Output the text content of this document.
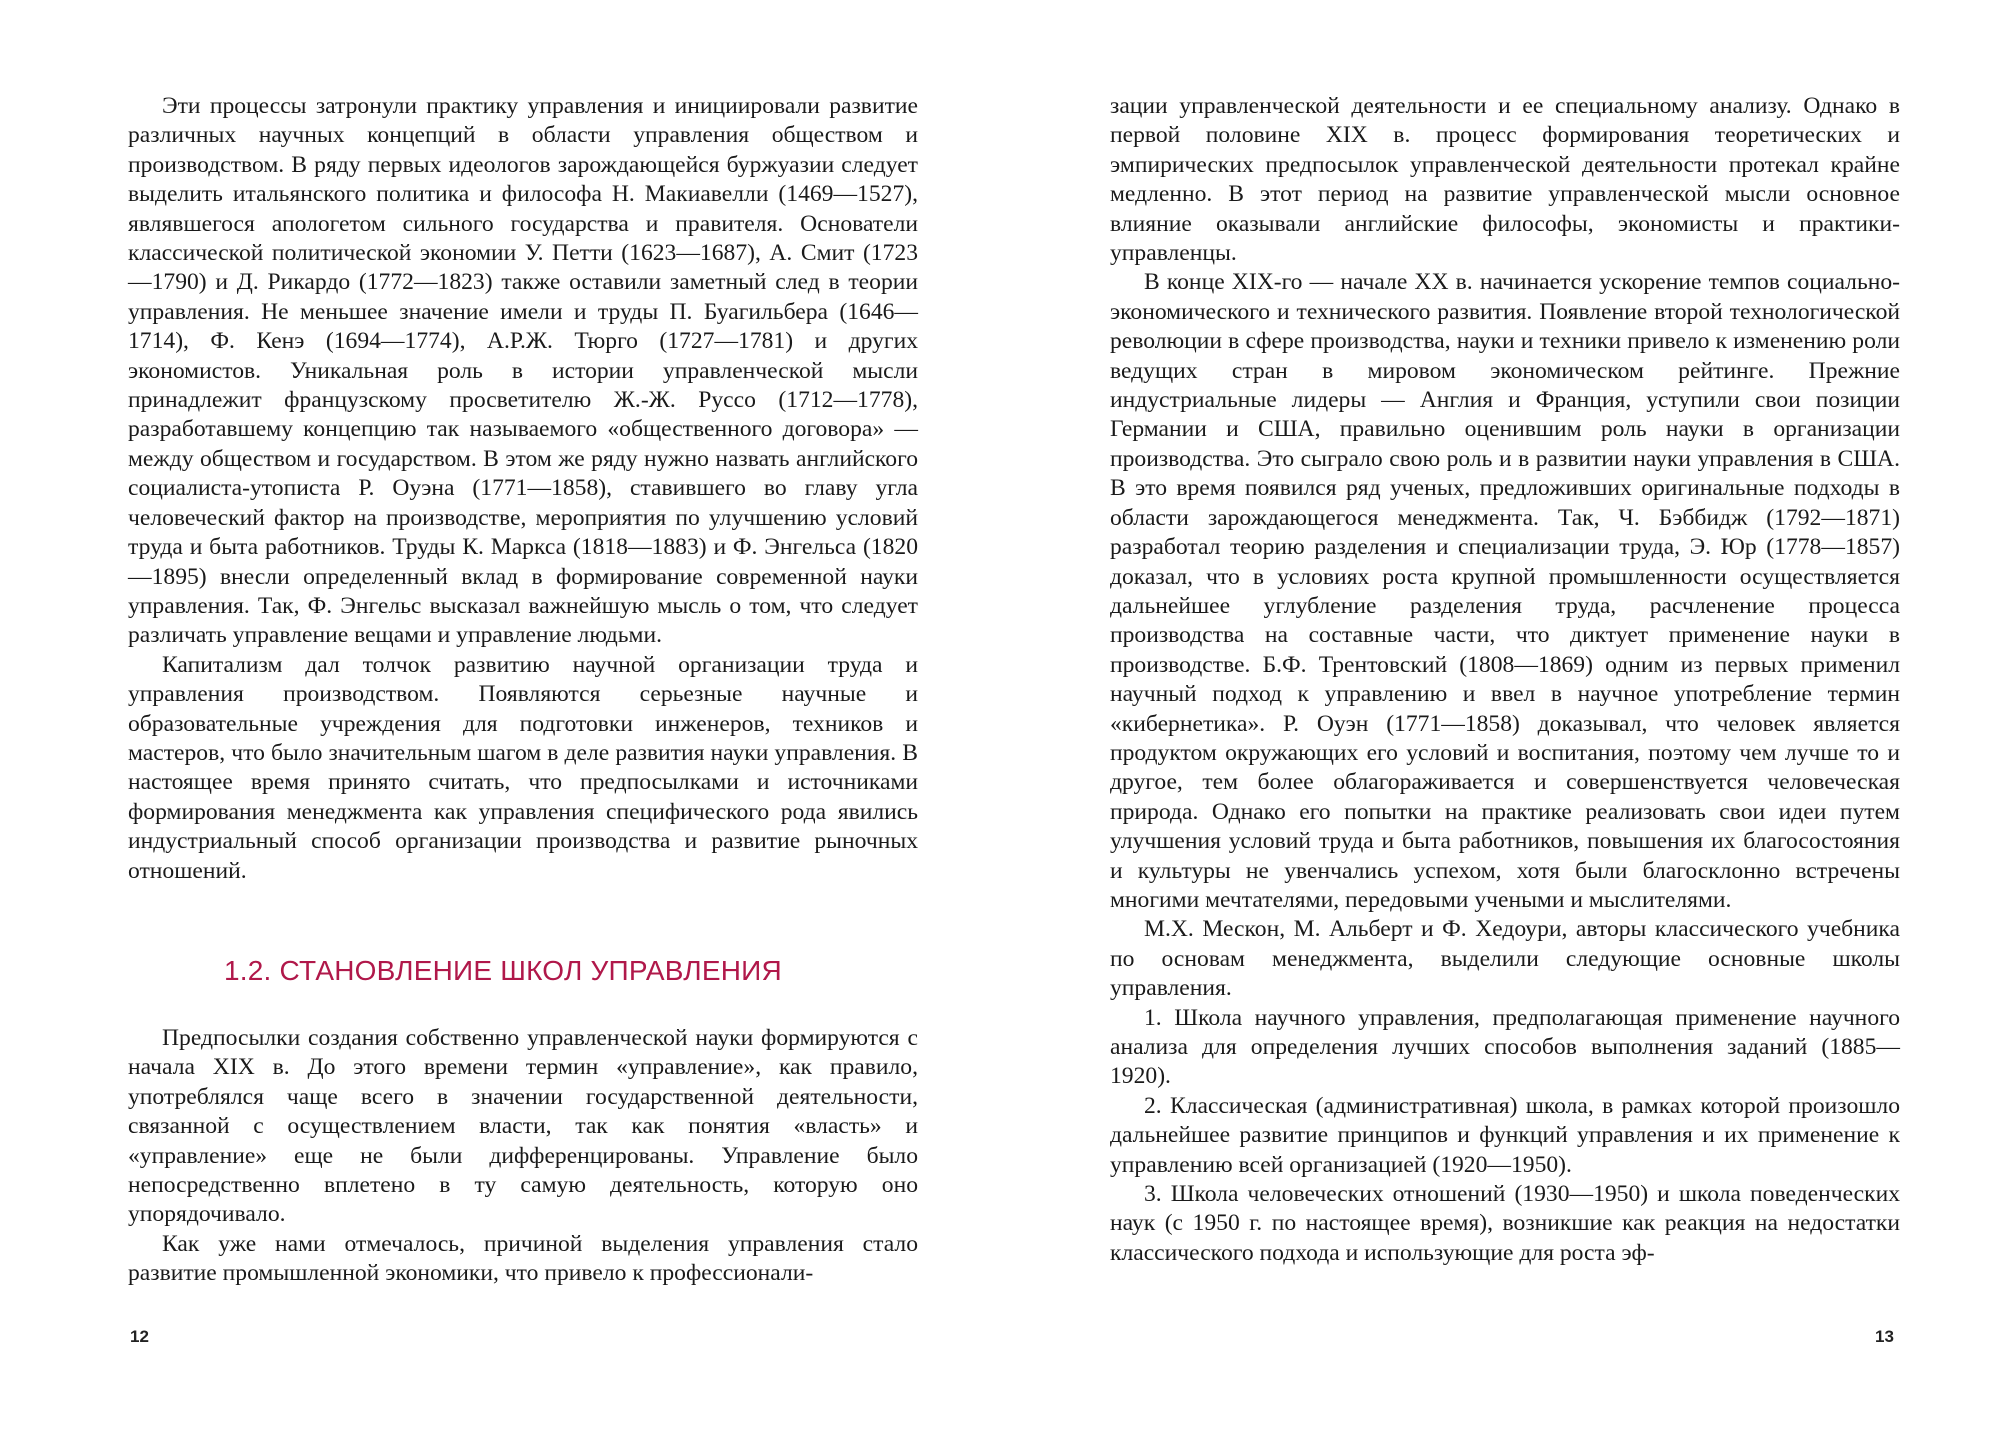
Эти процессы затронули практику управления и инициировали развитие различных научных концепций в области управления обществом и производством. В ряду первых идеологов зарождающейся буржуазии следует выделить итальянского политика и философа Н. Макиавелли (1469—1527), являвшегося апологетом сильного государства и правителя. Основатели классической политической экономии У. Петти (1623—1687), А. Смит (1723—1790) и Д. Рикардо (1772—1823) также оставили заметный след в теории управления. Не меньшее значение имели и труды П. Буагильбера (1646—1714), Ф. Кенэ (1694—1774), А.Р.Ж. Тюрго (1727—1781) и других экономистов. Уникальная роль в истории управленческой мысли принадлежит французскому просветителю Ж.-Ж. Руссо (1712—1778), разработавшему концепцию так называемого «общественного договора» — между обществом и государством. В этом же ряду нужно назвать английского социалиста-утописта Р. Оуэна (1771—1858), ставившего во главу угла человеческий фактор на производстве, мероприятия по улучшению условий труда и быта работников. Труды К. Маркса (1818—1883) и Ф. Энгельса (1820—1895) внесли определенный вклад в формирование современной науки управления. Так, Ф. Энгельс высказал важнейшую мысль о том, что следует различать управление вещами и управление людьми.

Капитализм дал толчок развитию научной организации труда и управления производством. Появляются серьезные научные и образовательные учреждения для подготовки инженеров, техников и мастеров, что было значительным шагом в деле развития науки управления. В настоящее время принято считать, что предпосылками и источниками формирования менеджмента как управления специфического рода явились индустриальный способ организации производства и развитие рыночных отношений.

1.2. СТАНОВЛЕНИЕ ШКОЛ УПРАВЛЕНИЯ

Предпосылки создания собственно управленческой науки формируются с начала XIX в. До этого времени термин «управление», как правило, употреблялся чаще всего в значении государственной деятельности, связанной с осуществлением власти, так как понятия «власть» и «управление» еще не были дифференцированы. Управление было непосредственно вплетено в ту самую деятельность, которую оно упорядочивало.

Как уже нами отмечалось, причиной выделения управления стало развитие промышленной экономики, что привело к профессионали-

зации управленческой деятельности и ее специальному анализу. Однако в первой половине XIX в. процесс формирования теоретических и эмпирических предпосылок управленческой деятельности протекал крайне медленно. В этот период на развитие управленческой мысли основное влияние оказывали английские философы, экономисты и практики-управленцы.

В конце XIX-го — начале XX в. начинается ускорение темпов социально-экономического и технического развития. Появление второй технологической революции в сфере производства, науки и техники привело к изменению роли ведущих стран в мировом экономическом рейтинге. Прежние индустриальные лидеры — Англия и Франция, уступили свои позиции Германии и США, правильно оценившим роль науки в организации производства. Это сыграло свою роль и в развитии науки управления в США. В это время появился ряд ученых, предложивших оригинальные подходы в области зарождающегося менеджмента. Так, Ч. Бэббидж (1792—1871) разработал теорию разделения и специализации труда, Э. Юр (1778—1857) доказал, что в условиях роста крупной промышленности осуществляется дальнейшее углубление разделения труда, расчленение процесса производства на составные части, что диктует применение науки в производстве. Б.Ф. Трентовский (1808—1869) одним из первых применил научный подход к управлению и ввел в научное употребление термин «кибернетика». Р. Оуэн (1771—1858) доказывал, что человек является продуктом окружающих его условий и воспитания, поэтому чем лучше то и другое, тем более облагораживается и совершенствуется человеческая природа. Однако его попытки на практике реализовать свои идеи путем улучшения условий труда и быта работников, повышения их благосостояния и культуры не увенчались успехом, хотя были благосклонно встречены многими мечтателями, передовыми учеными и мыслителями.

М.Х. Мескон, М. Альберт и Ф. Хедоури, авторы классического учебника по основам менеджмента, выделили следующие основные школы управления.

1. Школа научного управления, предполагающая применение научного анализа для определения лучших способов выполнения заданий (1885—1920).

2. Классическая (административная) школа, в рамках которой произошло дальнейшее развитие принципов и функций управления и их применение к управлению всей организацией (1920—1950).

3. Школа человеческих отношений (1930—1950) и школа поведенческих наук (с 1950 г. по настоящее время), возникшие как реакция на недостатки классического подхода и использующие для роста эф-

12	13
